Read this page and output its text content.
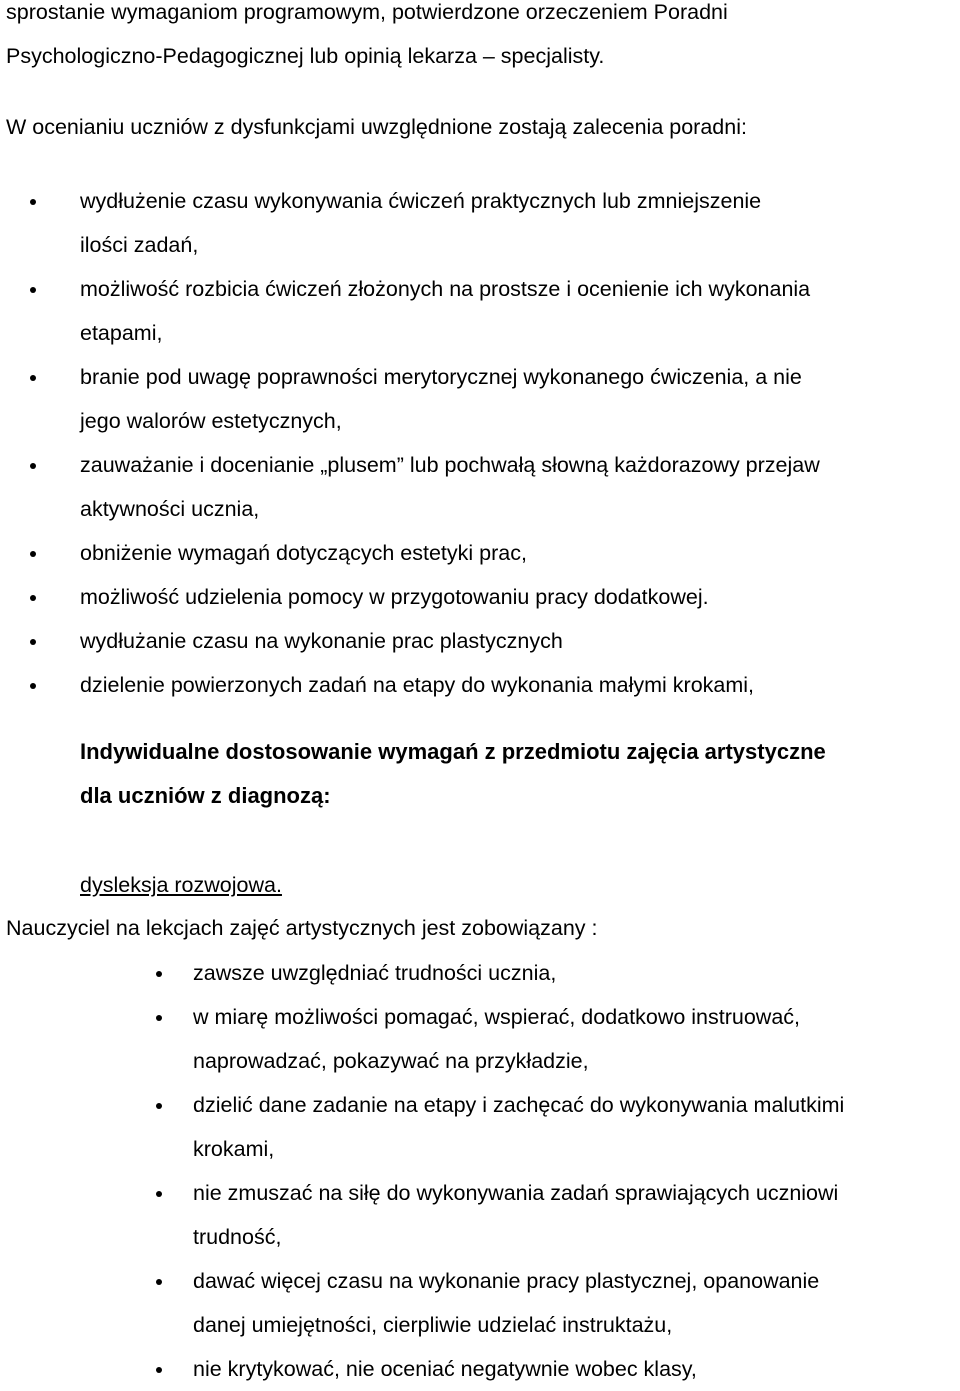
sprostanie wymaganiom programowym, potwierdzone orzeczeniem Poradni
Psychologiczno-Pedagogicznej lub opinią lekarza – specjalisty.
W ocenianiu uczniów z dysfunkcjami uwzględnione zostają zalecenia poradni:
wydłużenie czasu wykonywania ćwiczeń praktycznych lub zmniejszenie
ilości zadań,
możliwość rozbicia ćwiczeń złożonych na prostsze i ocenienie ich wykonania
etapami,
branie pod uwagę poprawności merytorycznej wykonanego ćwiczenia, a nie
jego walorów estetycznych,
zauważanie i docenianie „plusem” lub pochwałą słowną każdorazowy przejaw
aktywności ucznia,
obniżenie wymagań dotyczących estetyki prac,
możliwość udzielenia pomocy w przygotowaniu pracy dodatkowej.
wydłużanie czasu na wykonanie prac plastycznych
dzielenie powierzonych zadań na etapy do wykonania małymi krokami,
Indywidualne dostosowanie wymagań z przedmiotu zajęcia artystyczne
dla uczniów z diagnozą:
dysleksja rozwojowa.
Nauczyciel na lekcjach zajęć artystycznych jest zobowiązany :
zawsze uwzględniać trudności ucznia,
w miarę możliwości pomagać, wspierać, dodatkowo instruować,
naprowadzać, pokazywać na przykładzie,
dzielić dane zadanie na etapy i zachęcać do wykonywania malutkimi
krokami,
nie zmuszać na siłę do wykonywania zadań sprawiających uczniowi
trudność,
dawać więcej czasu na wykonanie pracy plastycznej, opanowanie
danej umiejętności, cierpliwie udzielać instruktażu,
nie krytykować, nie oceniać negatywnie wobec klasy,
